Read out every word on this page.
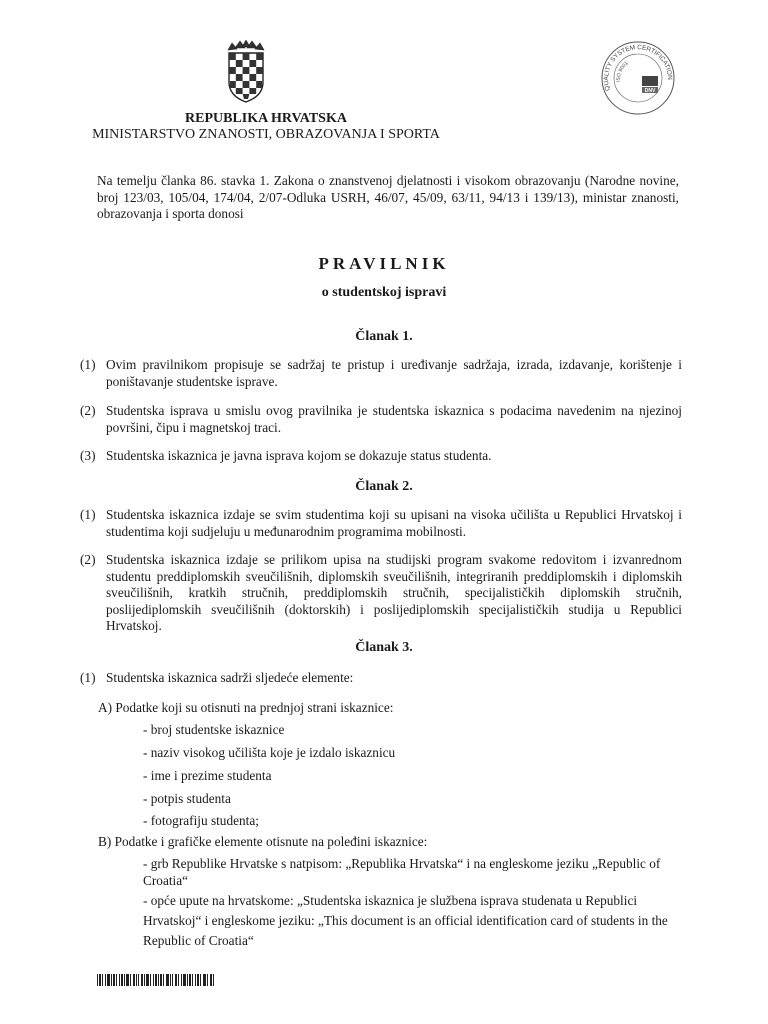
QUALITY SYSTEM CERTIFICATION
ISO 9001
DNV
REPUBLIKA HRVATSKA
MINISTARSTVO ZNANOSTI, OBRAZOVANJA I SPORTA
Na temelju članka 86. stavka 1. Zakona o znanstvenoj djelatnosti i visokom obrazovanju (Narodne novine, broj 123/03, 105/04, 174/04, 2/07-Odluka USRH, 46/07, 45/09, 63/11, 94/13 i 139/13), ministar znanosti, obrazovanja i sporta donosi
PRAVILNIK
o studentskoj ispravi
Članak 1.
(1) Ovim pravilnikom propisuje se sadržaj te pristup i uređivanje sadržaja, izrada, izdavanje, korištenje i poništavanje studentske isprave.
(2) Studentska isprava u smislu ovog pravilnika je studentska iskaznica s podacima navedenim na njezinoj površini, čipu i magnetskoj traci.
(3) Studentska iskaznica je javna isprava kojom se dokazuje status studenta.
Članak 2.
(1) Studentska iskaznica izdaje se svim studentima koji su upisani na visoka učilišta u Republici Hrvatskoj i studentima koji sudjeluju u međunarodnim programima mobilnosti.
(2) Studentska iskaznica izdaje se prilikom upisa na studijski program svakome redovitom i izvanrednom studentu preddiplomskih sveučilišnih, diplomskih sveučilišnih, integriranih preddiplomskih i diplomskih sveučilišnih, kratkih stručnih, preddiplomskih stručnih, specijalističkih diplomskih stručnih, poslijediplomskih sveučilišnih (doktorskih) i poslijediplomskih specijalističkih studija u Republici Hrvatskoj.
Članak 3.
(1) Studentska iskaznica sadrži sljedeće elemente:
A) Podatke koji su otisnuti na prednjoj strani iskaznice:
- broj studentske iskaznice
- naziv visokog učilišta koje je izdalo iskaznicu
- ime i prezime studenta
- potpis studenta
- fotografiju studenta;
B) Podatke i grafičke elemente otisnute na poleđini iskaznice:
- grb Republike Hrvatske s natpisom: „Republika Hrvatska“ i na engleskome jeziku „Republic of Croatia“
- opće upute na hrvatskome: „Studentska iskaznica je službena isprava studenata u Republici Hrvatskoj“ i engleskome jeziku: „This document is an official identification card of students in the Republic of Croatia“
